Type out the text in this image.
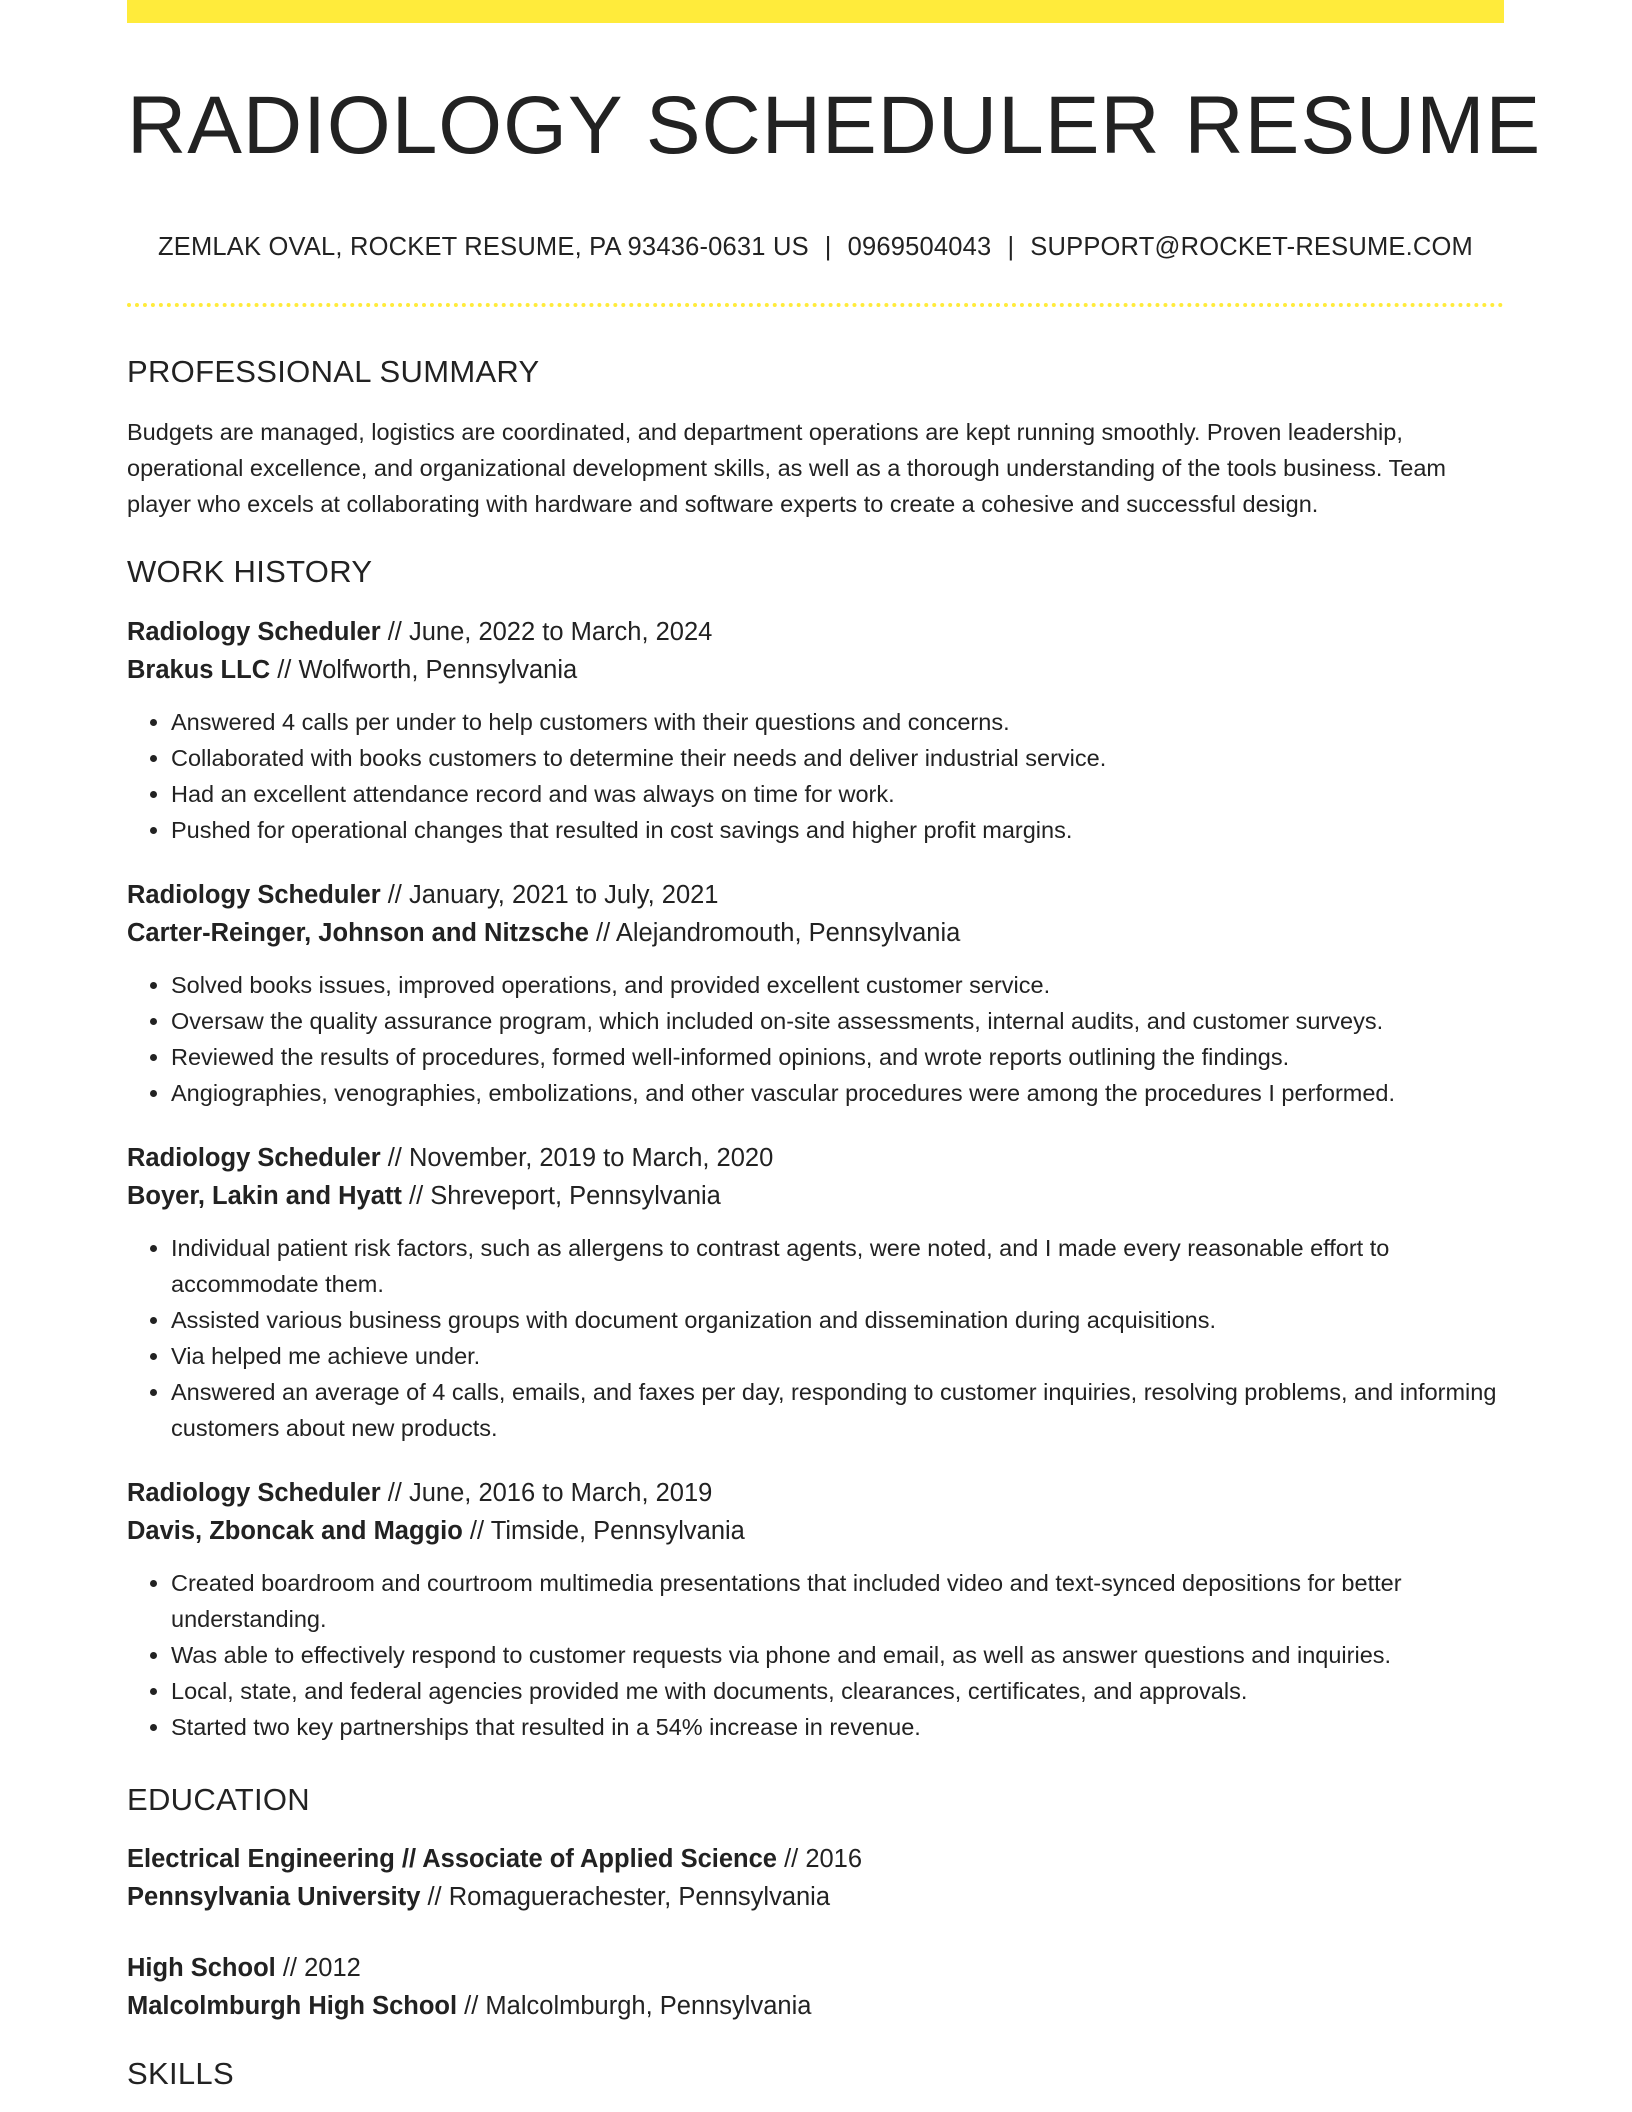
RADIOLOGY SCHEDULER RESUME
ZEMLAK OVAL, ROCKET RESUME, PA 93436-0631 US | 0969504043 | SUPPORT@ROCKET-RESUME.COM
PROFESSIONAL SUMMARY

Budgets are managed, logistics are coordinated, and department operations are kept running smoothly. Proven leadership, operational excellence, and organizational development skills, as well as a thorough understanding of the tools business. Team player who excels at collaborating with hardware and software experts to create a cohesive and successful design.

WORK HISTORY
Radiology Scheduler // June, 2022 to March, 2024
Brakus LLC // Wolfworth, Pennsylvania
• Answered 4 calls per under to help customers with their questions and concerns.
• Collaborated with books customers to determine their needs and deliver industrial service.
• Had an excellent attendance record and was always on time for work.
• Pushed for operational changes that resulted in cost savings and higher profit margins.
Radiology Scheduler // January, 2021 to July, 2021
Carter-Reinger, Johnson and Nitzsche // Alejandromouth, Pennsylvania
• Solved books issues, improved operations, and provided excellent customer service.
• Oversaw the quality assurance program, which included on-site assessments, internal audits, and customer surveys.
• Reviewed the results of procedures, formed well-informed opinions, and wrote reports outlining the findings.
• Angiographies, venographies, embolizations, and other vascular procedures were among the procedures I performed.
Radiology Scheduler // November, 2019 to March, 2020
Boyer, Lakin and Hyatt // Shreveport, Pennsylvania
• Individual patient risk factors, such as allergens to contrast agents, were noted, and I made every reasonable effort to accommodate them.
• Assisted various business groups with document organization and dissemination during acquisitions.
• Via helped me achieve under.
• Answered an average of 4 calls, emails, and faxes per day, responding to customer inquiries, resolving problems, and informing customers about new products.
Radiology Scheduler // June, 2016 to March, 2019
Davis, Zboncak and Maggio // Timside, Pennsylvania
• Created boardroom and courtroom multimedia presentations that included video and text-synced depositions for better understanding.
• Was able to effectively respond to customer requests via phone and email, as well as answer questions and inquiries.
• Local, state, and federal agencies provided me with documents, clearances, certificates, and approvals.
• Started two key partnerships that resulted in a 54% increase in revenue.
EDUCATION
Electrical Engineering // Associate of Applied Science // 2016
Pennsylvania University // Romaguerachester, Pennsylvania
High School // 2012
Malcolmburgh High School // Malcolmburgh, Pennsylvania
SKILLS
